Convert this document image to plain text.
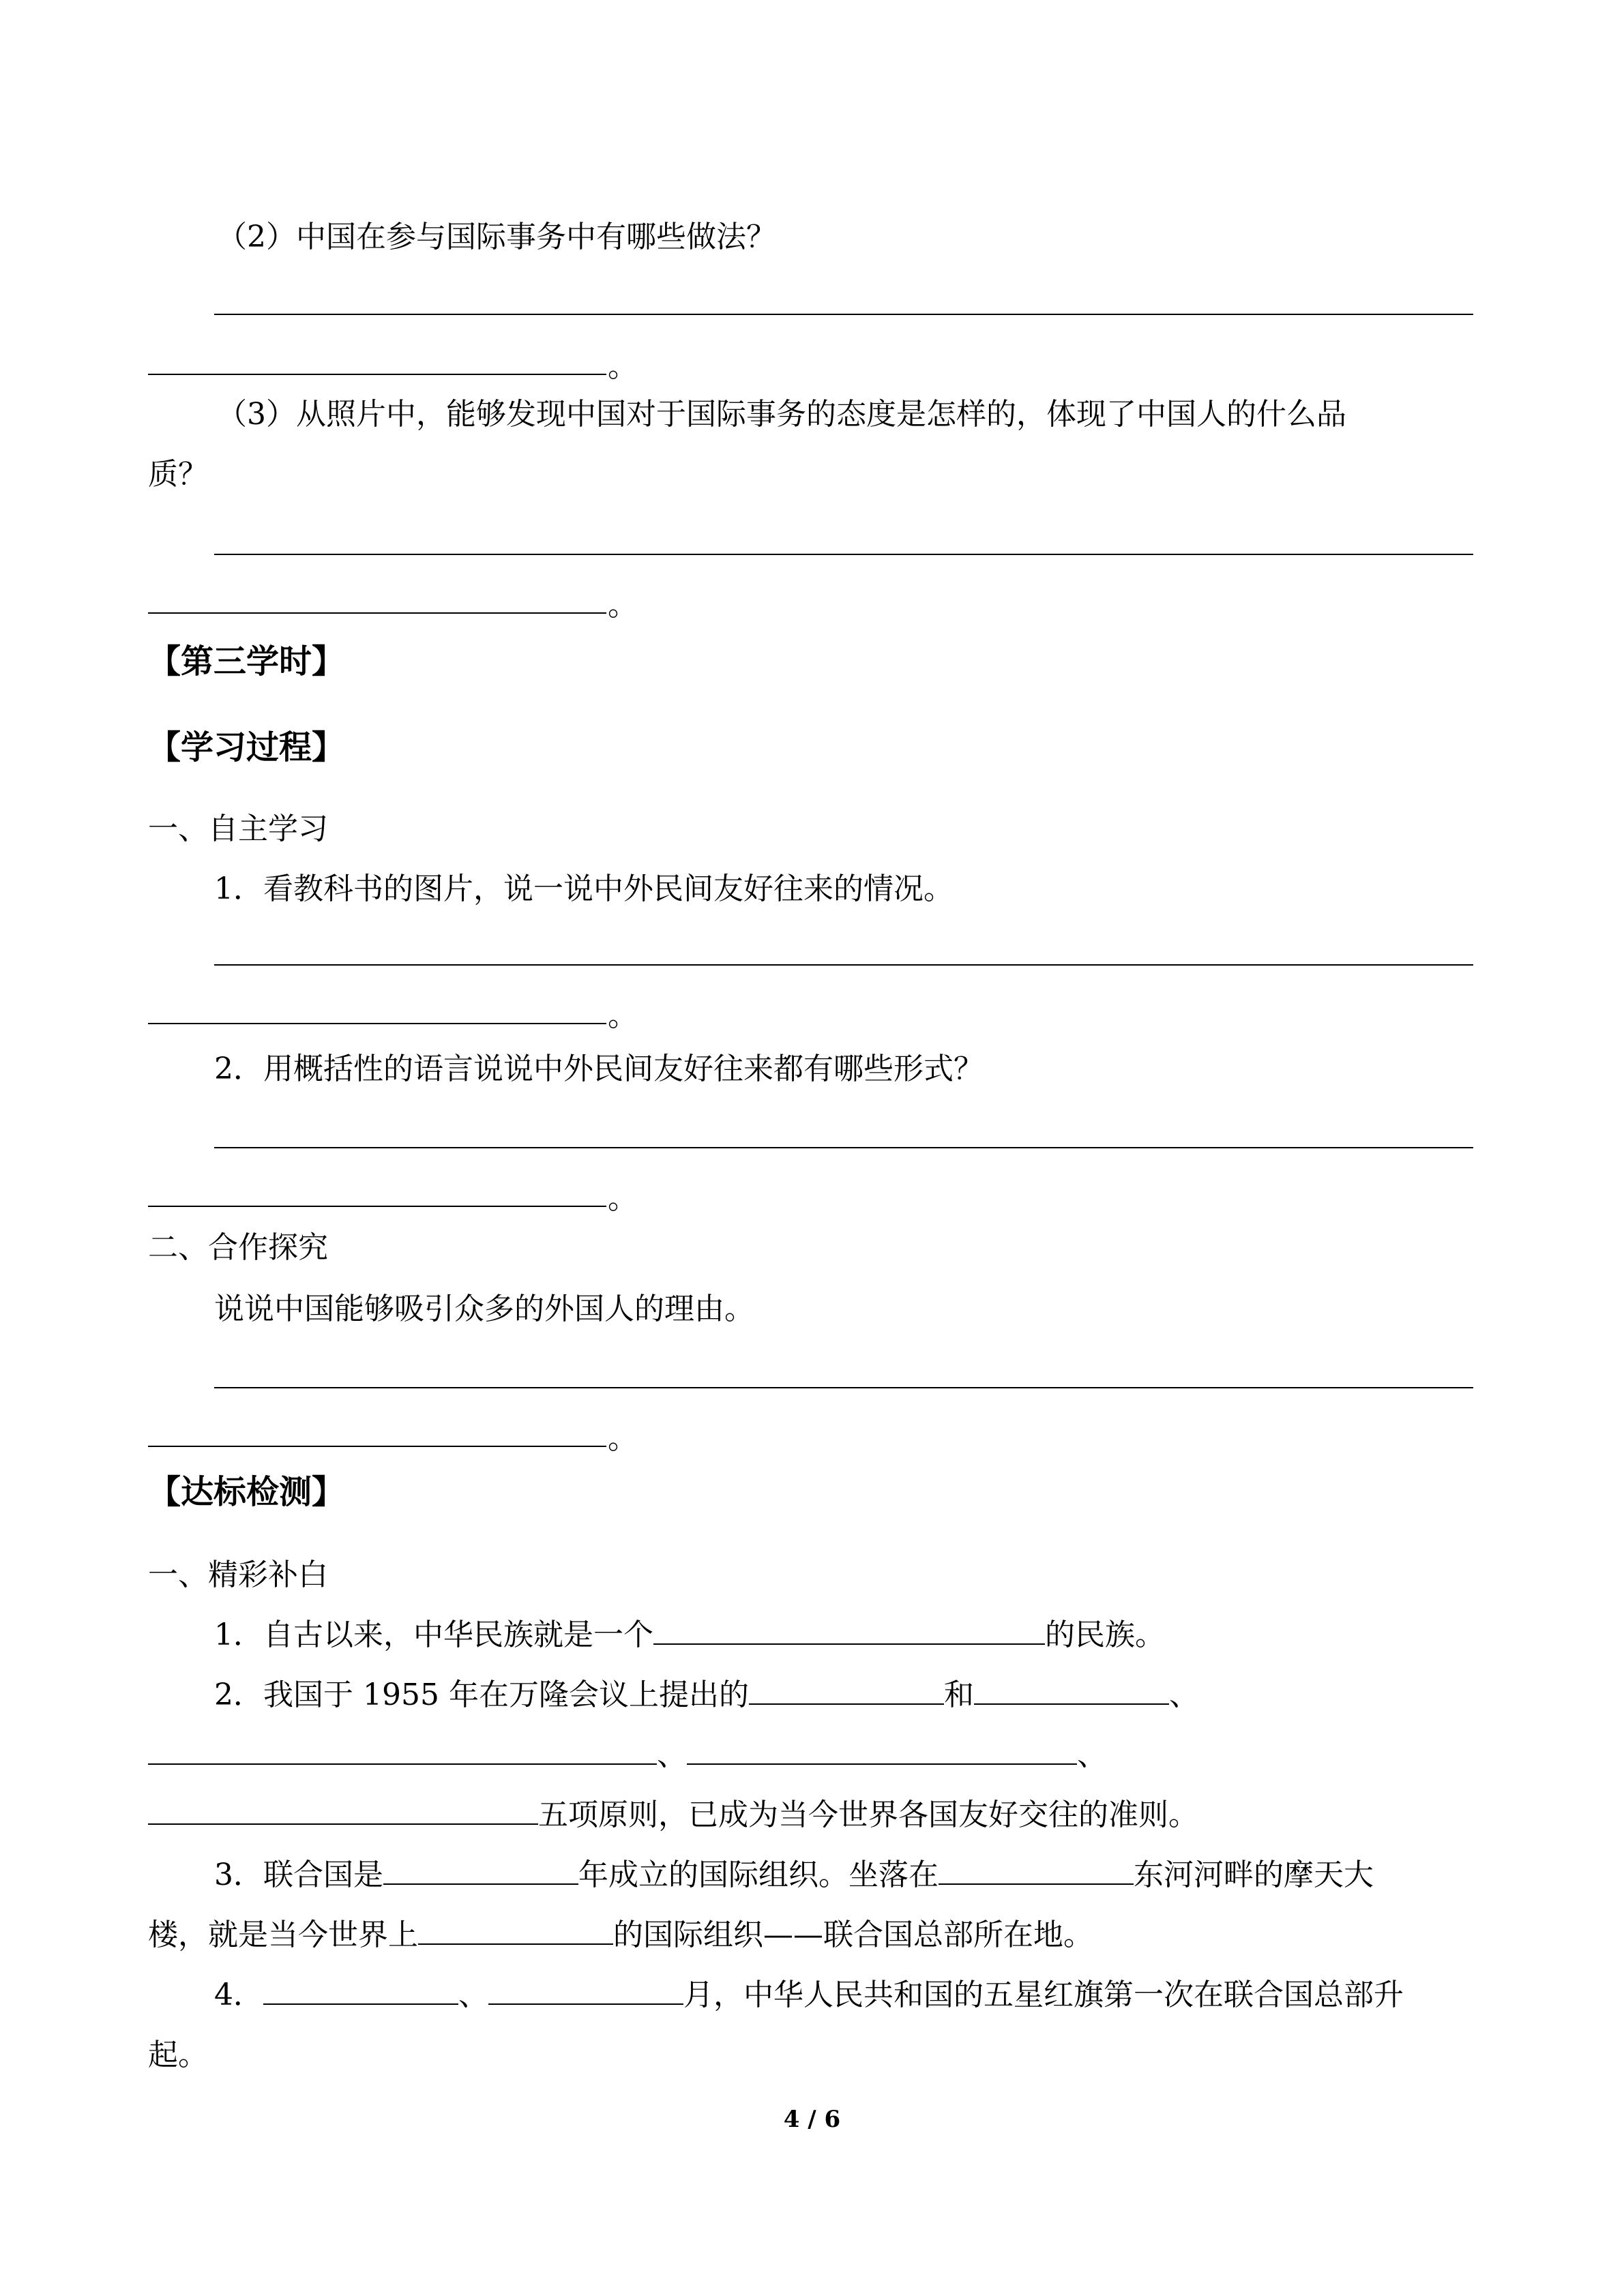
（2）中国在参与国际事务中有哪些做法？
。
（3）从照片中，能够发现中国对于国际事务的态度是怎样的，体现了中国人的什么品
质？
。
【第三学时】
【学习过程】
一、自主学习
1．看教科书的图片，说一说中外民间友好往来的情况。
。
2．用概括性的语言说说中外民间友好往来都有哪些形式？
。
二、合作探究
说说中国能够吸引众多的外国人的理由。
。
【达标检测】
一、精彩补白
1．自古以来，中华民族就是一个	的民族。
2．我国于 1955 年在万隆会议上提出的	和	、
、	、
五项原则，已成为当今世界各国友好交往的准则。
3．联合国是	年成立的国际组织。坐落在	东河河畔的摩天大
楼，就是当今世界上	的国际组织——联合国总部所在地。
4．	、	月，中华人民共和国的五星红旗第一次在联合国总部升
起。
4 / 6
